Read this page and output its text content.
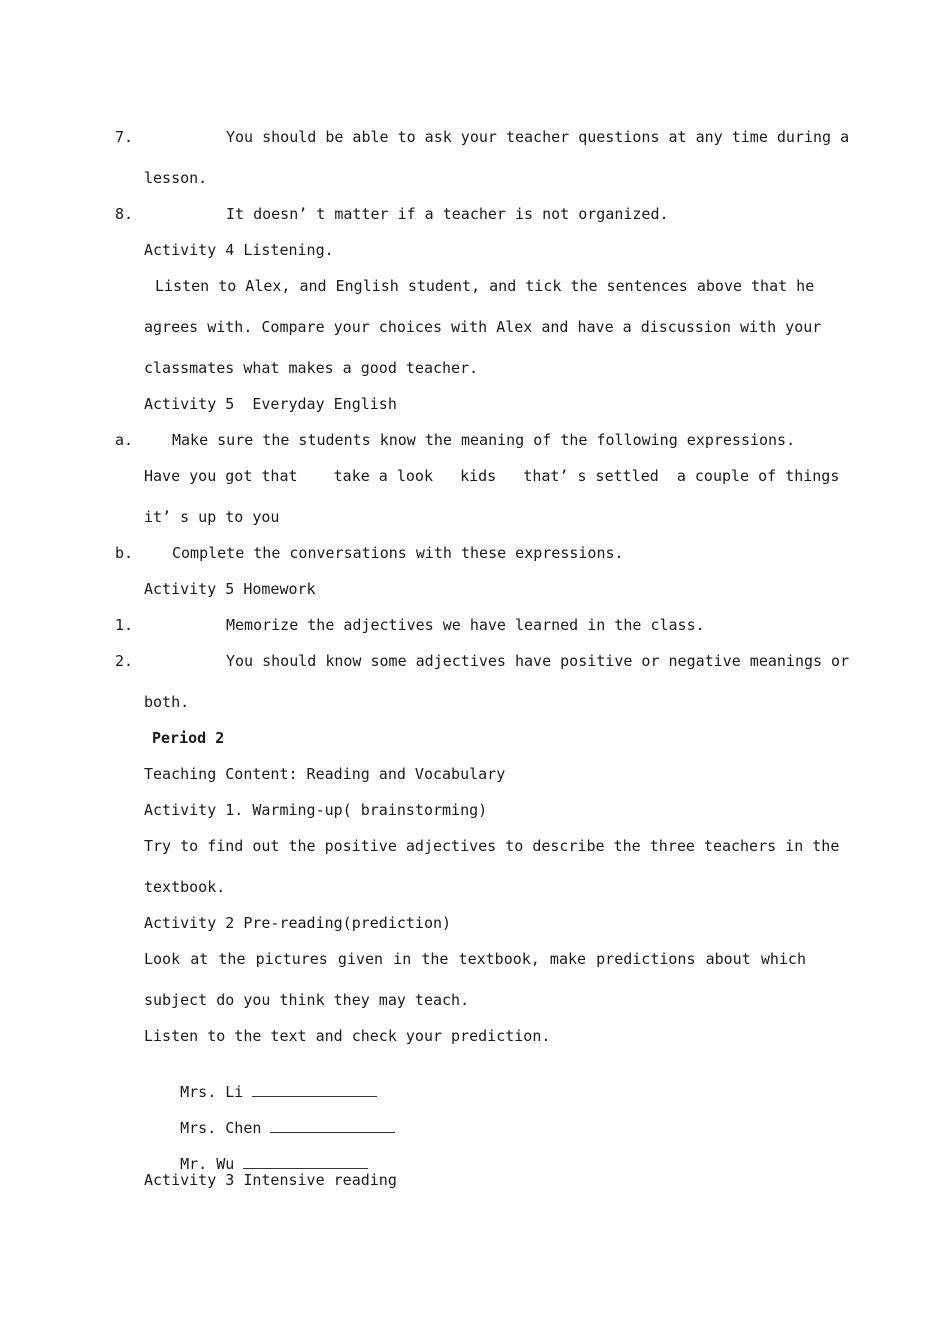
7.	You should be able to ask your teacher questions at any time during a
lesson.
8.	It doesn’ t matter if a teacher is not organized.
Activity 4 Listening.
Listen to Alex, and English student, and tick the sentences above that he
agrees with. Compare your choices with Alex and have a discussion with your
classmates what makes a good teacher.
Activity 5  Everyday English
a.	Make sure the students know the meaning of the following expressions.
Have you got that    take a look   kids   that’ s settled  a couple of things
it’ s up to you
b.	Complete the conversations with these expressions.
Activity 5 Homework
1.	Memorize the adjectives we have learned in the class.
2.	You should know some adjectives have positive or negative meanings or
both.
Period 2
Teaching Content: Reading and Vocabulary
Activity 1. Warming-up( brainstorming)
Try to find out the positive adjectives to describe the three teachers in the
textbook.
Activity 2 Pre-reading(prediction)
Look at the pictures given in the textbook, make predictions about which
subject do you think they may teach.
Listen to the text and check your prediction.

Mrs. Li

Mrs. Chen

Mr. Wu

Activity 3 Intensive reading
